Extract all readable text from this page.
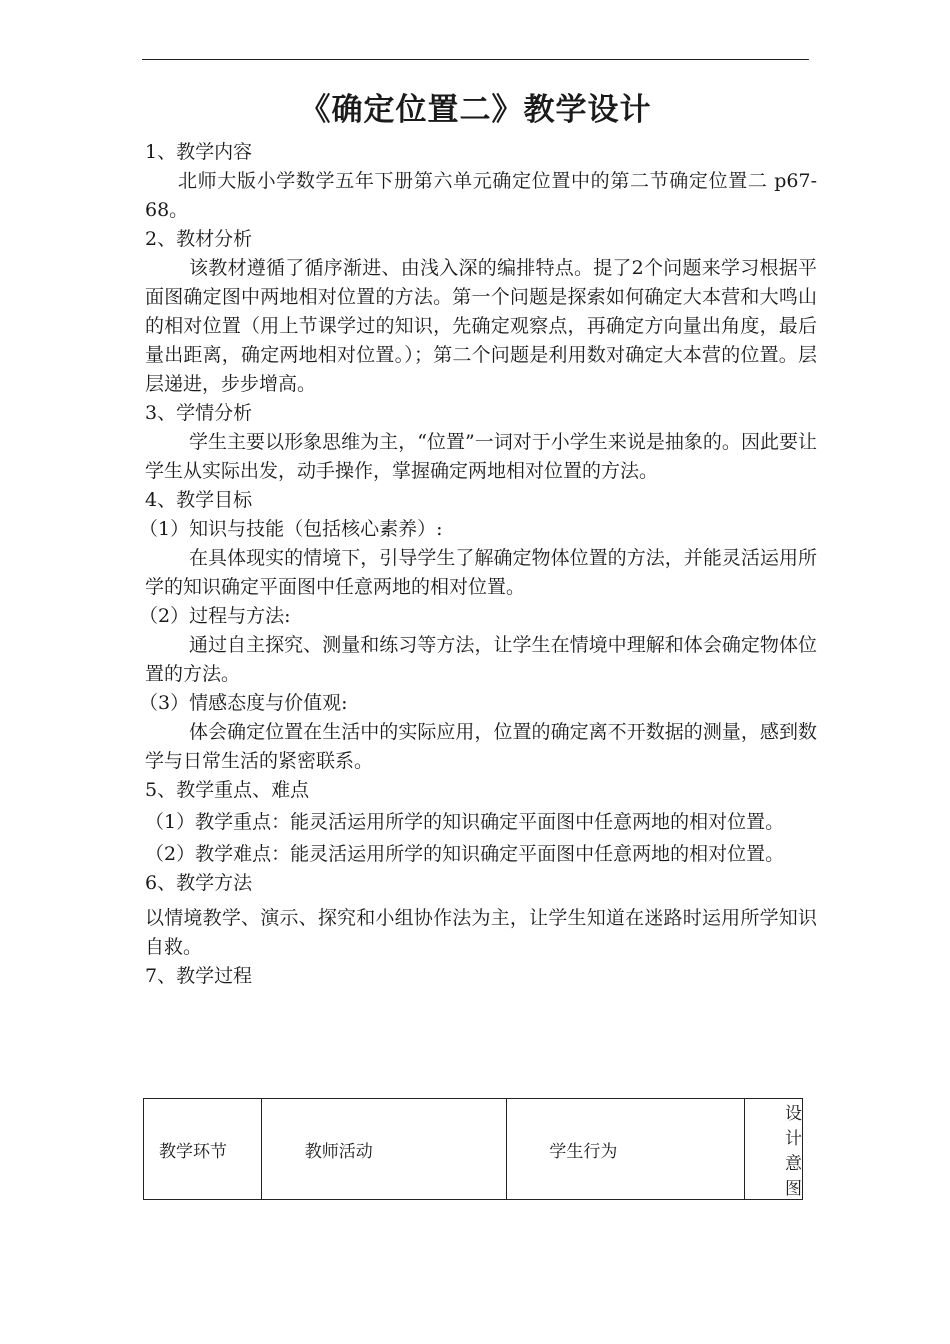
《确定位置二》教学设计

1、教学内容

北师大版小学数学五年下册第六单元确定位置中的第二节确定位置二 p67-68。

2、教材分析

该教材遵循了循序渐进、由浅入深的编排特点。提了2个问题来学习根据平面图确定图中两地相对位置的方法。第一个问题是探索如何确定大本营和大鸣山的相对位置（用上节课学过的知识，先确定观察点，再确定方向量出角度，最后量出距离，确定两地相对位置。）；第二个问题是利用数对确定大本营的位置。层层递进，步步增高。

3、学情分析

学生主要以形象思维为主，“位置”一词对于小学生来说是抽象的。因此要让学生从实际出发，动手操作，掌握确定两地相对位置的方法。

4、教学目标

（1）知识与技能（包括核心素养）:

在具体现实的情境下，引导学生了解确定物体位置的方法，并能灵活运用所学的知识确定平面图中任意两地的相对位置。

（2）过程与方法:

通过自主探究、测量和练习等方法，让学生在情境中理解和体会确定物体位置的方法。

（3）情感态度与价值观:

体会确定位置在生活中的实际应用，位置的确定离不开数据的测量，感到数学与日常生活的紧密联系。

5、教学重点、难点

（1）教学重点：能灵活运用所学的知识确定平面图中任意两地的相对位置。

（2）教学难点：能灵活运用所学的知识确定平面图中任意两地的相对位置。

6、教学方法

以情境教学、演示、探究和小组协作法为主，让学生知道在迷路时运用所学知识自救。

7、教学过程

教学环节	教师活动	学生行为	设计意图
